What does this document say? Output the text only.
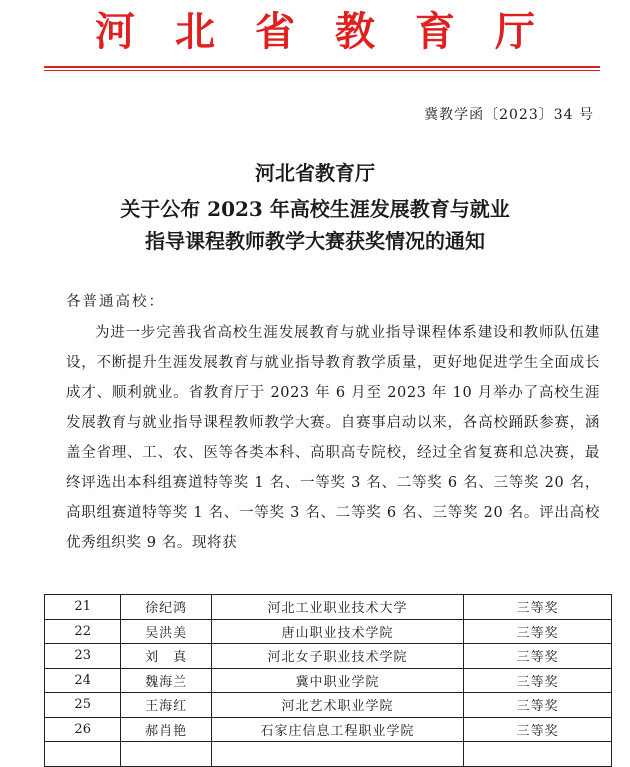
河北省教育厅
冀教学函〔2023〕34 号
河北省教育厅
关于公布 2023 年高校生涯发展教育与就业
指导课程教师教学大赛获奖情况的通知
各普通高校：
为进一步完善我省高校生涯发展教育与就业指导课程体系建设和教师队伍建设，不断提升生涯发展教育与就业指导教育教学质量，更好地促进学生全面成长成才、顺利就业。省教育厅于 2023 年 6 月至 2023 年 10 月举办了高校生涯发展教育与就业指导课程教师教学大赛。自赛事启动以来，各高校踊跃参赛，涵盖全省理、工、农、医等各类本科、高职高专院校，经过全省复赛和总决赛，最终评选出本科组赛道特等奖 1 名、一等奖 3 名、二等奖 6 名、三等奖 20 名，高职组赛道特等奖 1 名、一等奖 3 名、二等奖 6 名、三等奖 20 名。评出高校优秀组织奖 9 名。现将获
21	徐纪鸿	河北工业职业技术大学	三等奖
22	吴洪美	唐山职业技术学院	三等奖
23	刘　真	河北女子职业技术学院	三等奖
24	魏海兰	冀中职业学院	三等奖
25	王海红	河北艺术职业学院	三等奖
26	郝肖艳	石家庄信息工程职业学院	三等奖
